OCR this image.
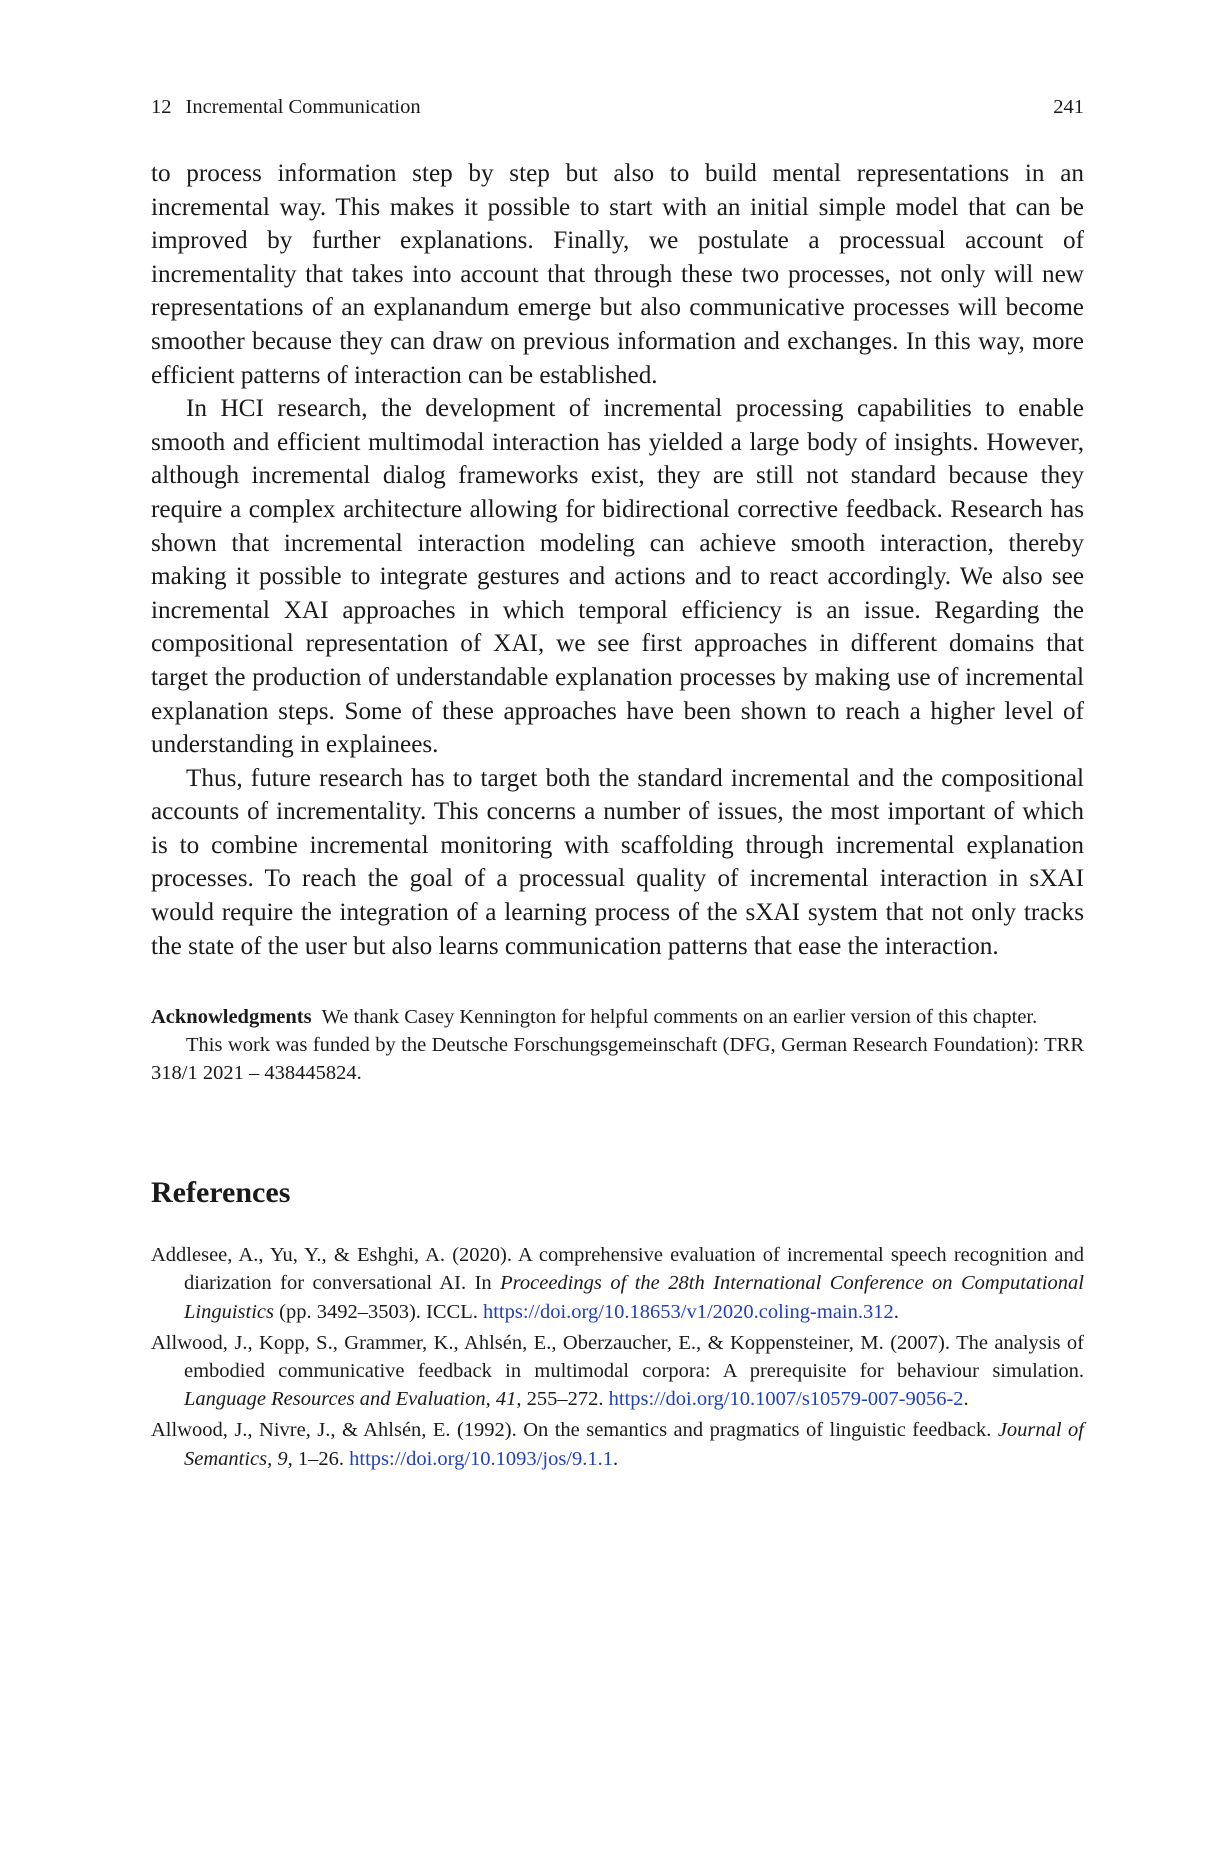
12 Incremental Communication	241

to process information step by step but also to build mental representations in an incremental way. This makes it possible to start with an initial simple model that can be improved by further explanations. Finally, we postulate a processual account of incrementality that takes into account that through these two processes, not only will new representations of an explanandum emerge but also communicative processes will become smoother because they can draw on previous information and exchanges. In this way, more efficient patterns of interaction can be established.

In HCI research, the development of incremental processing capabilities to enable smooth and efficient multimodal interaction has yielded a large body of insights. However, although incremental dialog frameworks exist, they are still not standard because they require a complex architecture allowing for bidirectional corrective feedback. Research has shown that incremental interaction modeling can achieve smooth interaction, thereby making it possible to integrate gestures and actions and to react accordingly. We also see incremental XAI approaches in which temporal efficiency is an issue. Regarding the compositional representation of XAI, we see first approaches in different domains that target the production of understandable explanation processes by making use of incremental explanation steps. Some of these approaches have been shown to reach a higher level of understanding in explainees.

Thus, future research has to target both the standard incremental and the compositional accounts of incrementality. This concerns a number of issues, the most important of which is to combine incremental monitoring with scaffolding through incremental explanation processes. To reach the goal of a processual quality of incremental interaction in sXAI would require the integration of a learning process of the sXAI system that not only tracks the state of the user but also learns communication patterns that ease the interaction.

Acknowledgments We thank Casey Kennington for helpful comments on an earlier version of this chapter.

This work was funded by the Deutsche Forschungsgemeinschaft (DFG, German Research Foundation): TRR 318/1 2021 – 438445824.

References
Addlesee, A., Yu, Y., & Eshghi, A. (2020). A comprehensive evaluation of incremental speech recognition and diarization for conversational AI. In Proceedings of the 28th International Conference on Computational Linguistics (pp. 3492–3503). ICCL. https://doi.org/10.18653/v1/2020.coling-main.312.
Allwood, J., Kopp, S., Grammer, K., Ahlsén, E., Oberzaucher, E., & Koppensteiner, M. (2007). The analysis of embodied communicative feedback in multimodal corpora: A prerequisite for behaviour simulation. Language Resources and Evaluation, 41, 255–272. https://doi.org/10.1007/s10579-007-9056-2.
Allwood, J., Nivre, J., & Ahlsén, E. (1992). On the semantics and pragmatics of linguistic feedback. Journal of Semantics, 9, 1–26. https://doi.org/10.1093/jos/9.1.1.
